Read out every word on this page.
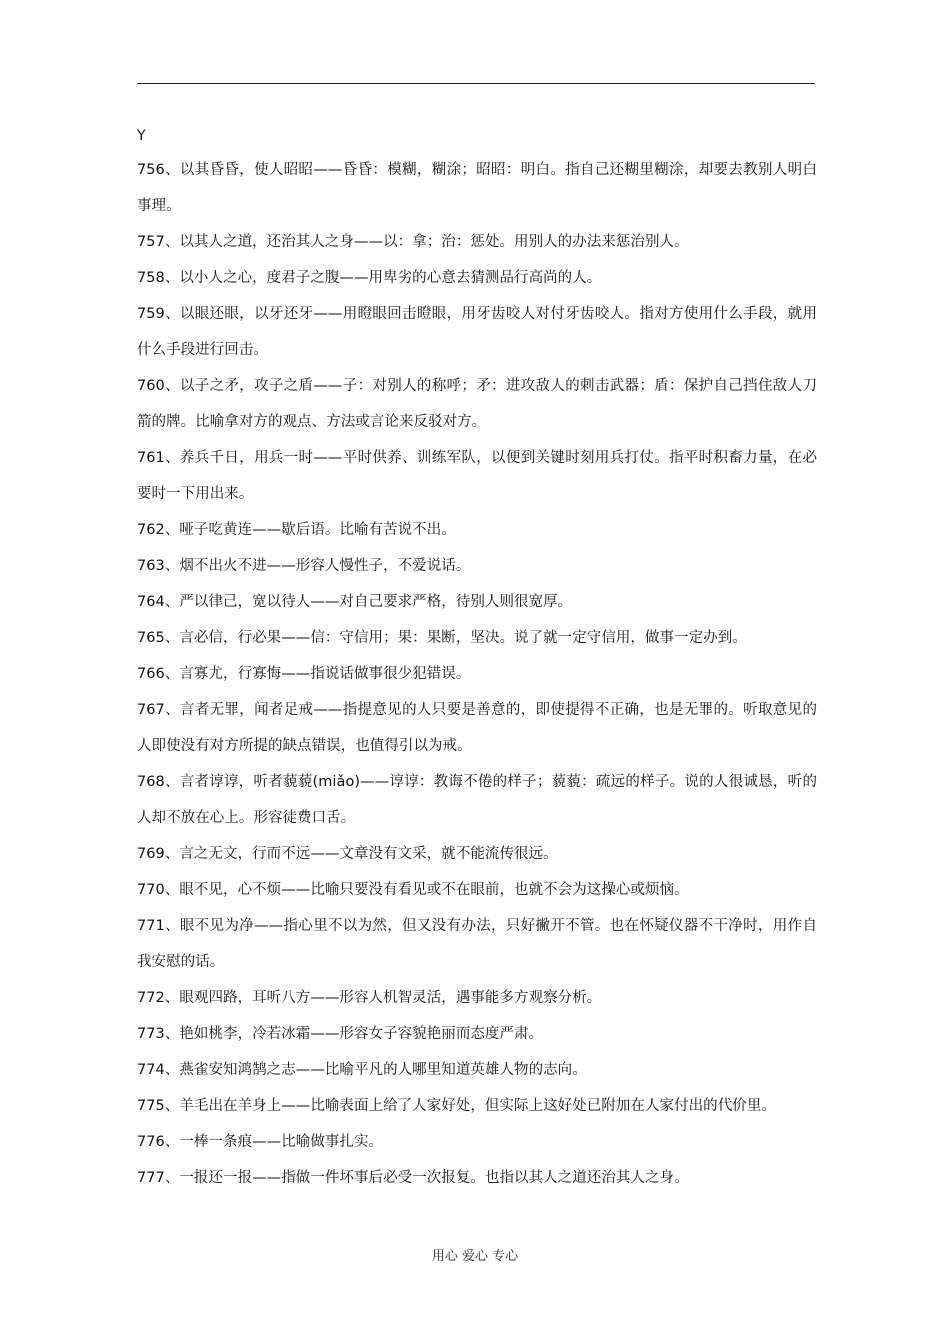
Y

756、以其昏昏，使人昭昭——昏昏：模糊，糊涂；昭昭：明白。指自己还糊里糊涂，却要去教别人明白事理。

757、以其人之道，还治其人之身——以：拿；治：惩处。用别人的办法来惩治别人。

758、以小人之心，度君子之腹——用卑劣的心意去猜测品行高尚的人。

759、以眼还眼，以牙还牙——用瞪眼回击瞪眼，用牙齿咬人对付牙齿咬人。指对方使用什么手段，就用什么手段进行回击。

760、以子之矛，攻子之盾——子：对别人的称呼；矛：进攻敌人的刺击武器；盾：保护自己挡住敌人刀箭的牌。比喻拿对方的观点、方法或言论来反驳对方。

761、养兵千日，用兵一时——平时供养、训练军队，以便到关键时刻用兵打仗。指平时积畜力量，在必要时一下用出来。

762、哑子吃黄连——歇后语。比喻有苦说不出。

763、烟不出火不进——形容人慢性子，不爱说话。

764、严以律己，宽以待人——对自己要求严格，待别人则很宽厚。

765、言必信，行必果——信：守信用；果：果断，坚决。说了就一定守信用，做事一定办到。

766、言寡尤，行寡悔——指说话做事很少犯错误。

767、言者无罪，闻者足戒——指提意见的人只要是善意的，即使提得不正确，也是无罪的。听取意见的人即使没有对方所提的缺点错误，也值得引以为戒。

768、言者谆谆，听者藐藐(miǎo)——谆谆：教诲不倦的样子；藐藐：疏远的样子。说的人很诚恳，听的人却不放在心上。形容徒费口舌。

769、言之无文，行而不远——文章没有文采，就不能流传很远。

770、眼不见，心不烦——比喻只要没有看见或不在眼前，也就不会为这操心或烦恼。

771、眼不见为净——指心里不以为然，但又没有办法，只好撇开不管。也在怀疑仪器不干净时，用作自我安慰的话。

772、眼观四路，耳听八方——形容人机智灵活，遇事能多方观察分析。

773、艳如桃李，冷若冰霜——形容女子容貌艳丽而态度严肃。

774、燕雀安知鸿鹄之志——比喻平凡的人哪里知道英雄人物的志向。

775、羊毛出在羊身上——比喻表面上给了人家好处，但实际上这好处已附加在人家付出的代价里。

776、一棒一条痕——比喻做事扎实。

777、一报还一报——指做一件坏事后必受一次报复。也指以其人之道还治其人之身。

用心 爱心 专心
